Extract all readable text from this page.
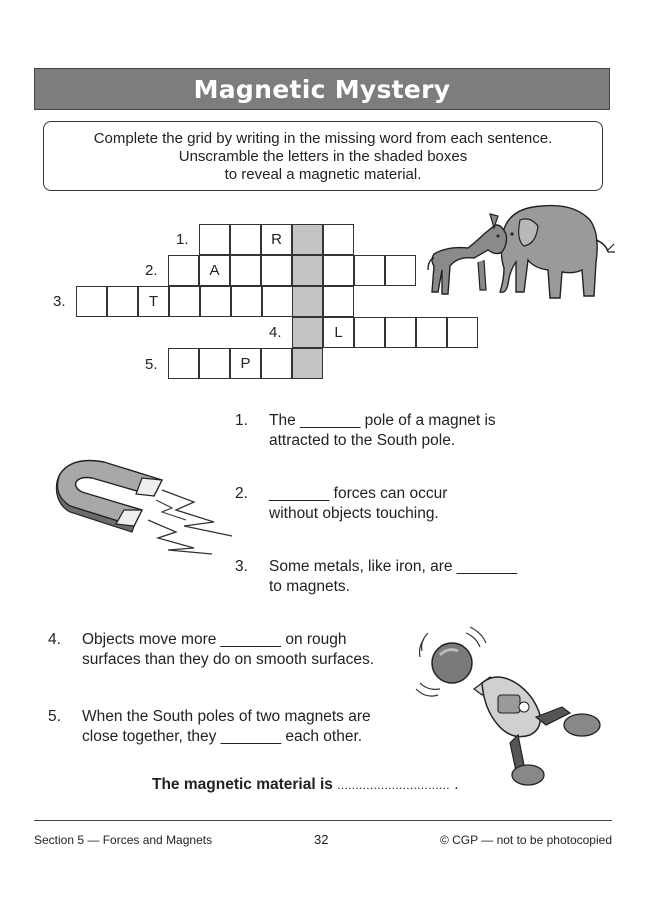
Magnetic Mystery
Complete the grid by writing in the missing word from each sentence.
Unscramble the letters in the shaded boxes
to reveal a magnetic material.
1.	R
2.	A
3.	T
4.	L
5.	P
1. The _______ pole of a magnet is
attracted to the South pole.
2. _______ forces can occur
without objects touching.
3. Some metals, like iron, are _______
to magnets.
4. Objects move more _______ on rough
surfaces than they do on smooth surfaces.
5. When the South poles of two magnets are
close together, they _______ each other.
The magnetic material is ............................... .
Section 5 — Forces and Magnets	32	© CGP — not to be photocopied
